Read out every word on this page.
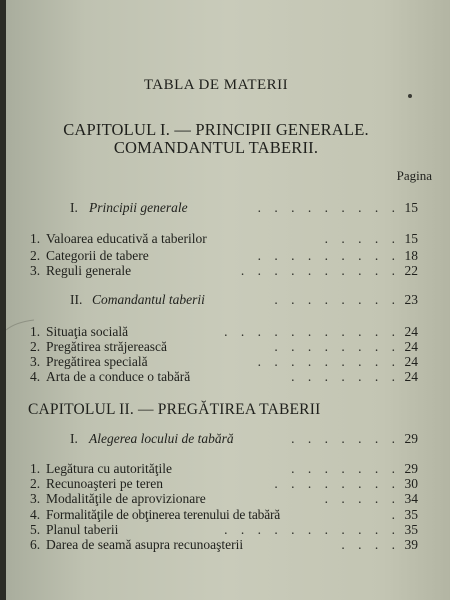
TABLA DE MATERII
CAPITOLUL I. — PRINCIPII GENERALE.
COMANDANTUL TABERII.
Pagina
I. Principii generale	. . . . . . . . . 15
1. Valoarea educativă a taberilor	. . . . . 15
2. Categorii de tabere	. . . . . . . . . 18
3. Reguli generale	. . . . . . . . . . 22
II. Comandantul taberii	. . . . . . . . 23
1. Situaţia socială	. . . . . . . . . . . 24
2. Pregătirea străjerească	. . . . . . . . 24
3. Pregătirea specială	. . . . . . . . . 24
4. Arta de a conduce o tabără	. . . . . . . 24
CAPITOLUL II. — PREGĂTIREA TABERII
I. Alegerea locului de tabără	. . . . . . . 29
1. Legătura cu autorităţile	. . . . . . . 29
2. Recunoaşteri pe teren	. . . . . . . . 30
3. Modalităţile de aprovizionare	. . . . . 34
4. Formalităţile de obţinerea terenului de tabără	. 35
5. Planul taberii	. . . . . . . . . . . 35
6. Darea de seamă asupra recunoaşterii	. . . . 39
